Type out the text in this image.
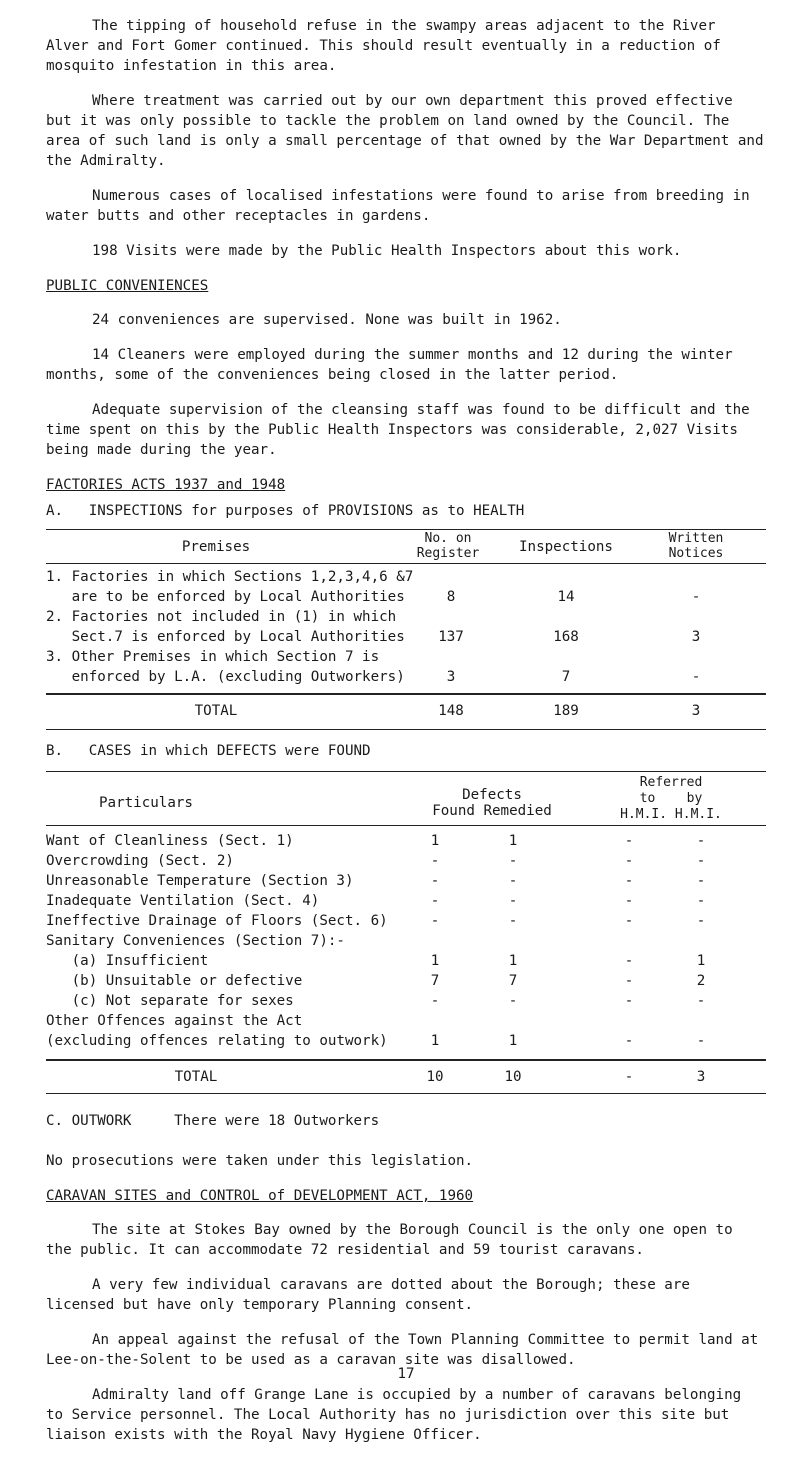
The tipping of household refuse in the swampy areas adjacent to the River Alver and Fort Gomer continued. This should result eventually in a reduction of mosquito infestation in this area.

Where treatment was carried out by our own department this proved effective but it was only possible to tackle the problem on land owned by the Council. The area of such land is only a small percentage of that owned by the War Department and the Admiralty.

Numerous cases of localised infestations were found to arise from breeding in water butts and other receptacles in gardens.

198 Visits were made by the Public Health Inspectors about this work.

PUBLIC CONVENIENCES

24 conveniences are supervised. None was built in 1962.

14 Cleaners were employed during the summer months and 12 during the winter months, some of the conveniences being closed in the latter period.

Adequate supervision of the cleansing staff was found to be difficult and the time spent on this by the Public Health Inspectors was considerable, 2,027 Visits being made during the year.

FACTORIES ACTS 1937 and 1948

A.   INSPECTIONS for purposes of PROVISIONS as to HEALTH

Premises
No. on
Register	Inspections
Written
Notices
1. Factories in which Sections 1,2,3,4,6 &7
are to be enforced by Local Authorities	8	14	-
2. Factories not included in (1) in which
Sect.7 is enforced by Local Authorities	137	168	3
3. Other Premises in which Section 7 is
enforced by L.A. (excluding Outworkers)	3	7	-
TOTAL	148	189	3

B.   CASES in which DEFECTS were FOUND

Particulars	Defects
Found Remedied
Referred
to    by
H.M.I. H.M.I.
Want of Cleanliness (Sect. 1)	1	1	-	-
Overcrowding (Sect. 2)	-	-	-	-
Unreasonable Temperature (Section 3)	-	-	-	-
Inadequate Ventilation (Sect. 4)	-	-	-	-
Ineffective Drainage of Floors (Sect. 6)	-	-	-	-
Sanitary Conveniences (Section 7):-
(a) Insufficient	1	1	-	1
(b) Unsuitable or defective	7	7	-	2
(c) Not separate for sexes	-	-	-	-
Other Offences against the Act
(excluding offences relating to outwork)	1	1	-	-
TOTAL	10	10	-	3

C. OUTWORK     There were 18 Outworkers

No prosecutions were taken under this legislation.

CARAVAN SITES and CONTROL of DEVELOPMENT ACT, 1960

The site at Stokes Bay owned by the Borough Council is the only one open to the public. It can accommodate 72 residential and 59 tourist caravans.

A very few individual caravans are dotted about the Borough; these are licensed but have only temporary Planning consent.

An appeal against the refusal of the Town Planning Committee to permit land at Lee-on-the-Solent to be used as a caravan site was disallowed.

Admiralty land off Grange Lane is occupied by a number of caravans belonging to Service personnel. The Local Authority has no jurisdiction over this site but liaison exists with the Royal Navy Hygiene Officer.

17
